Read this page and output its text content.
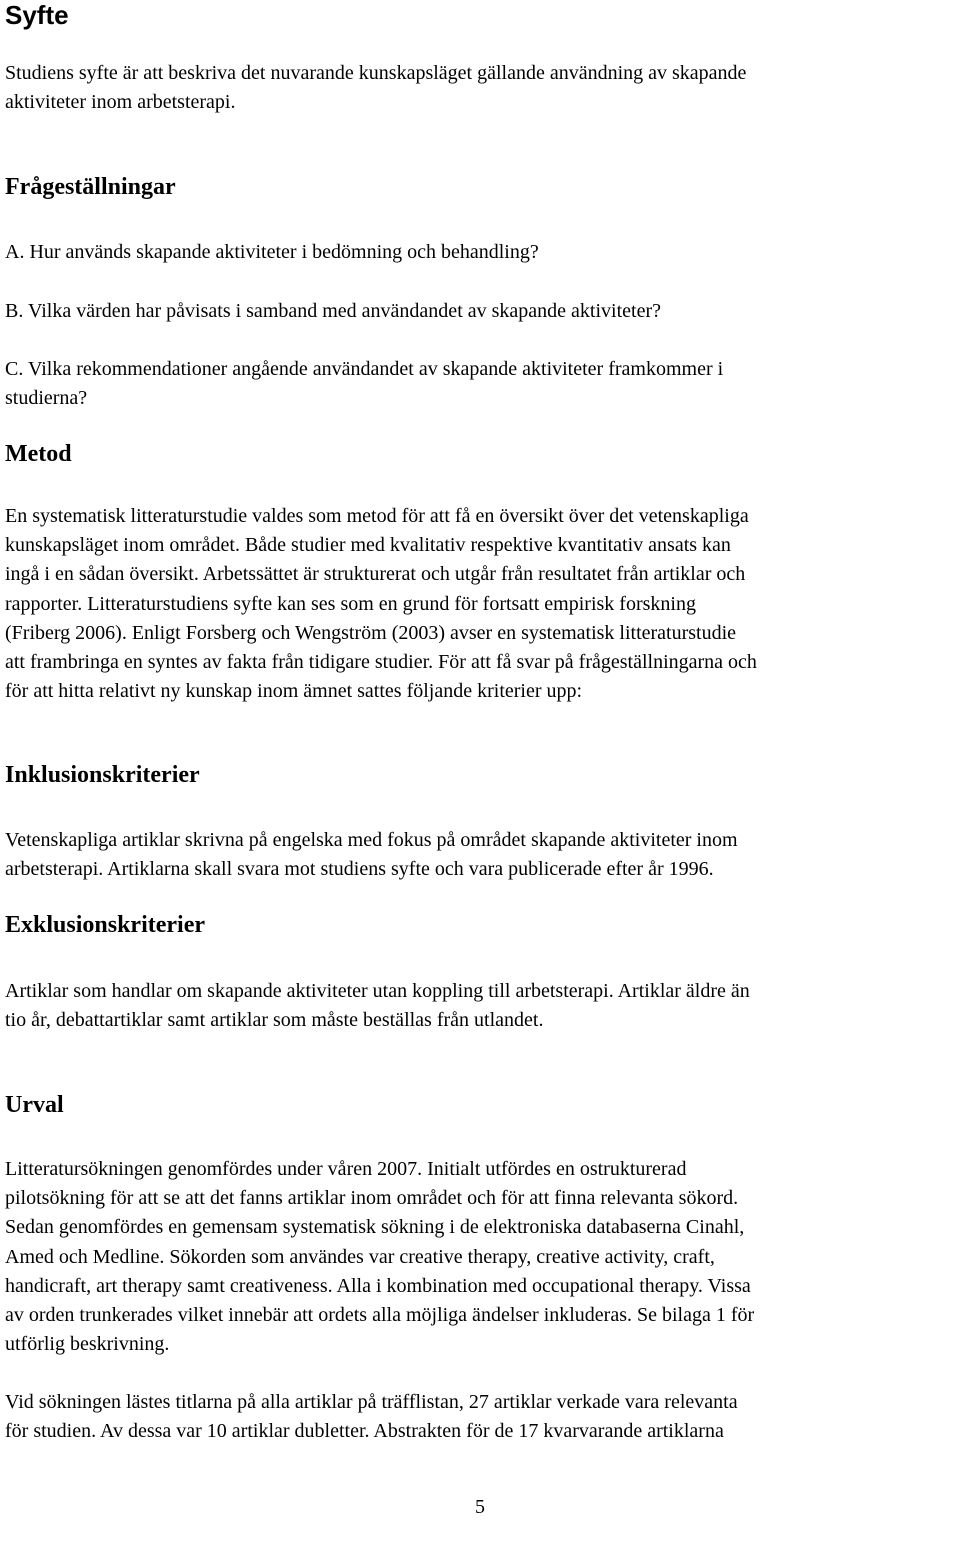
Syfte

Studiens syfte är att beskriva det nuvarande kunskapsläget gällande användning av skapande
aktiviteter inom arbetsterapi.

Frågeställningar

A. Hur används skapande aktiviteter i bedömning och behandling?

B. Vilka värden har påvisats i samband med användandet av skapande aktiviteter?

C. Vilka rekommendationer angående användandet av skapande aktiviteter framkommer i
studierna?

Metod

En systematisk litteraturstudie valdes som metod för att få en översikt över det vetenskapliga
kunskapsläget inom området. Både studier med kvalitativ respektive kvantitativ ansats kan
ingå i en sådan översikt. Arbetssättet är strukturerat och utgår från resultatet från artiklar och
rapporter. Litteraturstudiens syfte kan ses som en grund för fortsatt empirisk forskning
(Friberg 2006). Enligt Forsberg och Wengström (2003) avser en systematisk litteraturstudie
att frambringa en syntes av fakta från tidigare studier. För att få svar på frågeställningarna och
för att hitta relativt ny kunskap inom ämnet sattes följande kriterier upp:

Inklusionskriterier

Vetenskapliga artiklar skrivna på engelska med fokus på området skapande aktiviteter inom
arbetsterapi. Artiklarna skall svara mot studiens syfte och vara publicerade efter år 1996.

Exklusionskriterier

Artiklar som handlar om skapande aktiviteter utan koppling till arbetsterapi. Artiklar äldre än
tio år, debattartiklar samt artiklar som måste beställas från utlandet.

Urval

Litteratursökningen genomfördes under våren 2007. Initialt utfördes en ostrukturerad
pilotsökning för att se att det fanns artiklar inom området och för att finna relevanta sökord.
Sedan genomfördes en gemensam systematisk sökning i de elektroniska databaserna Cinahl,
Amed och Medline. Sökorden som användes var creative therapy, creative activity, craft,
handicraft, art therapy samt creativeness. Alla i kombination med occupational therapy. Vissa
av orden trunkerades vilket innebär att ordets alla möjliga ändelser inkluderas. Se bilaga 1 för
utförlig beskrivning.

Vid sökningen lästes titlarna på alla artiklar på träfflistan, 27 artiklar verkade vara relevanta
för studien. Av dessa var 10 artiklar dubletter. Abstrakten för de 17 kvarvarande artiklarna

5
